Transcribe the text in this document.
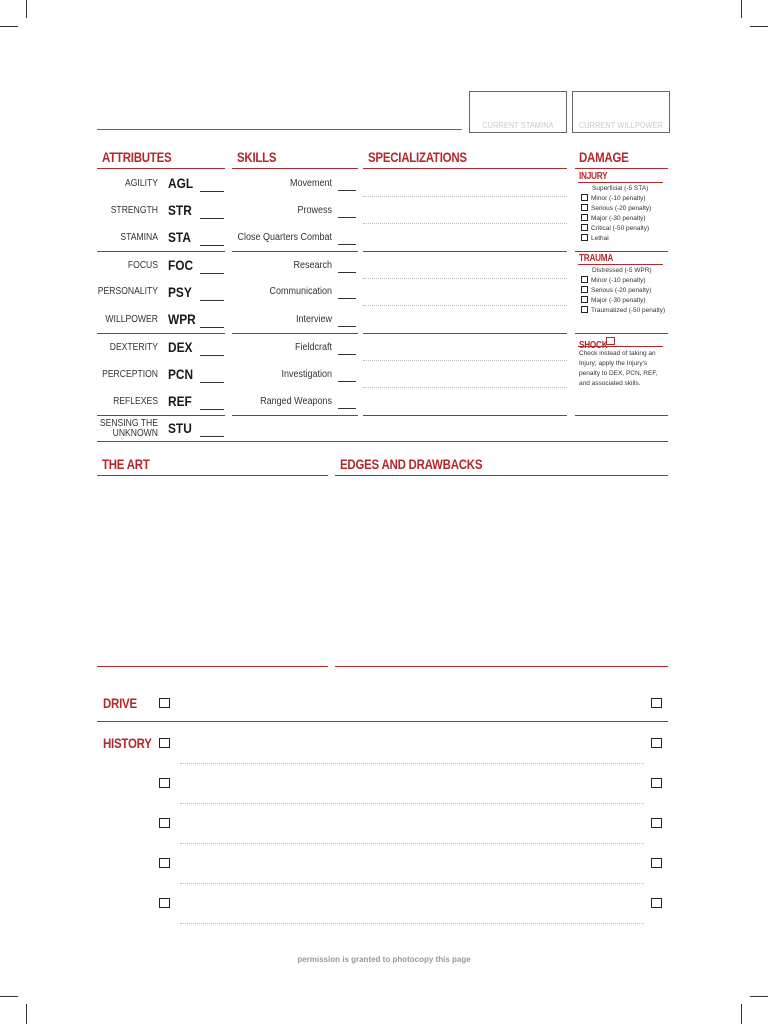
CURRENT STAMINA	CURRENT WILLPOWER
ATTRIBUTES	SKILLS	SPECIALIZATIONS	DAMAGE
AGILITY AGL
STRENGTH STR
STAMINA STA
FOCUS FOC
PERSONALITY PSY
WILLPOWER WPR
DEXTERITY DEX
PERCEPTION PCN
REFLEXES REF
SENSING THE
UNKNOWN STU
Movement
Prowess
Close Quarters Combat
Research
Communication
Interview
Fieldcraft
Investigation
Ranged Weapons
INJURY
Superficial (-5 STA)
Minor (-10 penalty)
Serious (-20 penalty)
Major (-30 penalty)
Critical (-50 penalty)
Lethal
TRAUMA
Distressed (-5 WPR)
Minor (-10 penalty)
Serious (-20 penalty)
Major (-30 penalty)
Traumatized (-50 penalty)
Check instead of taking an
Injury; apply the Injury's
penalty to DEX, PCN, REF,
and associated skills.
THE ART	EDGES AND DRAWBACKS
DRIVE
HISTORY
permission is granted to photocopy this page
